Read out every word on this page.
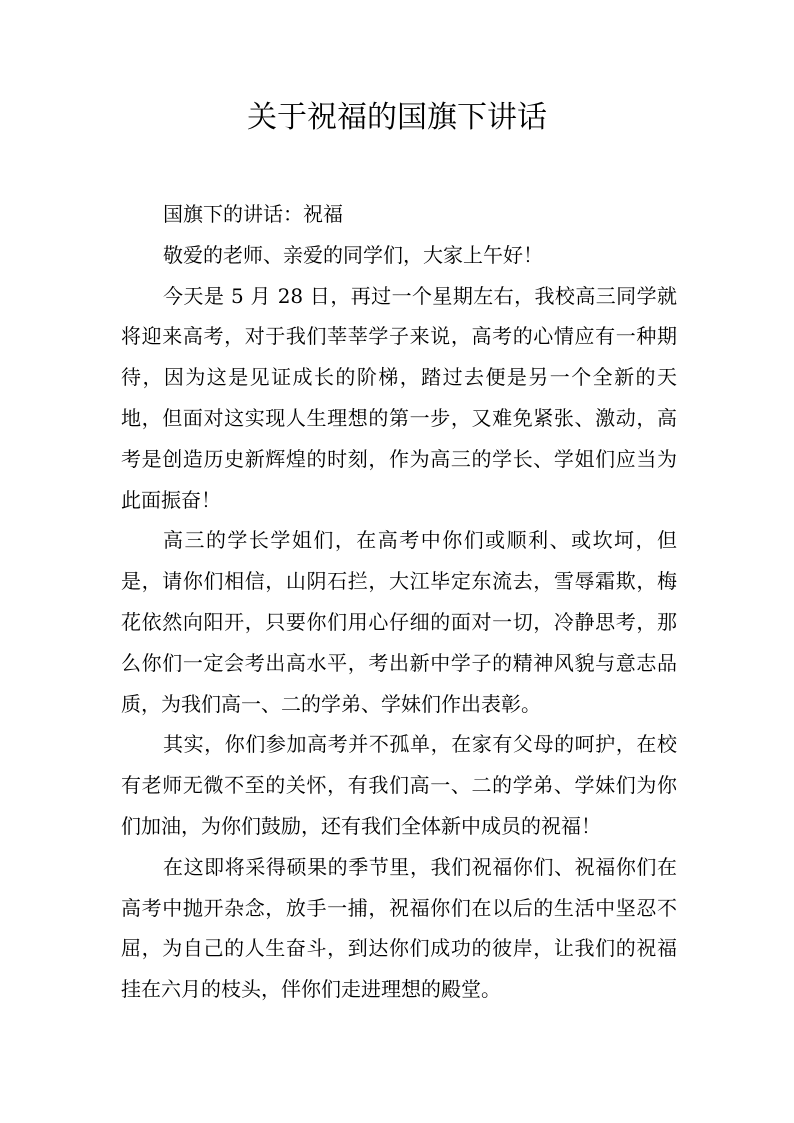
关于祝福的国旗下讲话

国旗下的讲话：祝福

敬爱的老师、亲爱的同学们，大家上午好！

今天是 5 月 28 日，再过一个星期左右，我校高三同学就将迎来高考，对于我们莘莘学子来说，高考的心情应有一种期待，因为这是见证成长的阶梯，踏过去便是另一个全新的天地，但面对这实现人生理想的第一步，又难免紧张、激动，高考是创造历史新辉煌的时刻，作为高三的学长、学姐们应当为此面振奋！

高三的学长学姐们，在高考中你们或顺利、或坎坷，但是，请你们相信，山阴石拦，大江毕定东流去，雪辱霜欺，梅花依然向阳开，只要你们用心仔细的面对一切，冷静思考，那么你们一定会考出高水平，考出新中学子的精神风貌与意志品质，为我们高一、二的学弟、学妹们作出表彰。

其实，你们参加高考并不孤单，在家有父母的呵护，在校有老师无微不至的关怀，有我们高一、二的学弟、学妹们为你们加油，为你们鼓励，还有我们全体新中成员的祝福！

在这即将采得硕果的季节里，我们祝福你们、祝福你们在高考中抛开杂念，放手一捕，祝福你们在以后的生活中坚忍不屈，为自己的人生奋斗，到达你们成功的彼岸，让我们的祝福挂在六月的枝头，伴你们走进理想的殿堂。
